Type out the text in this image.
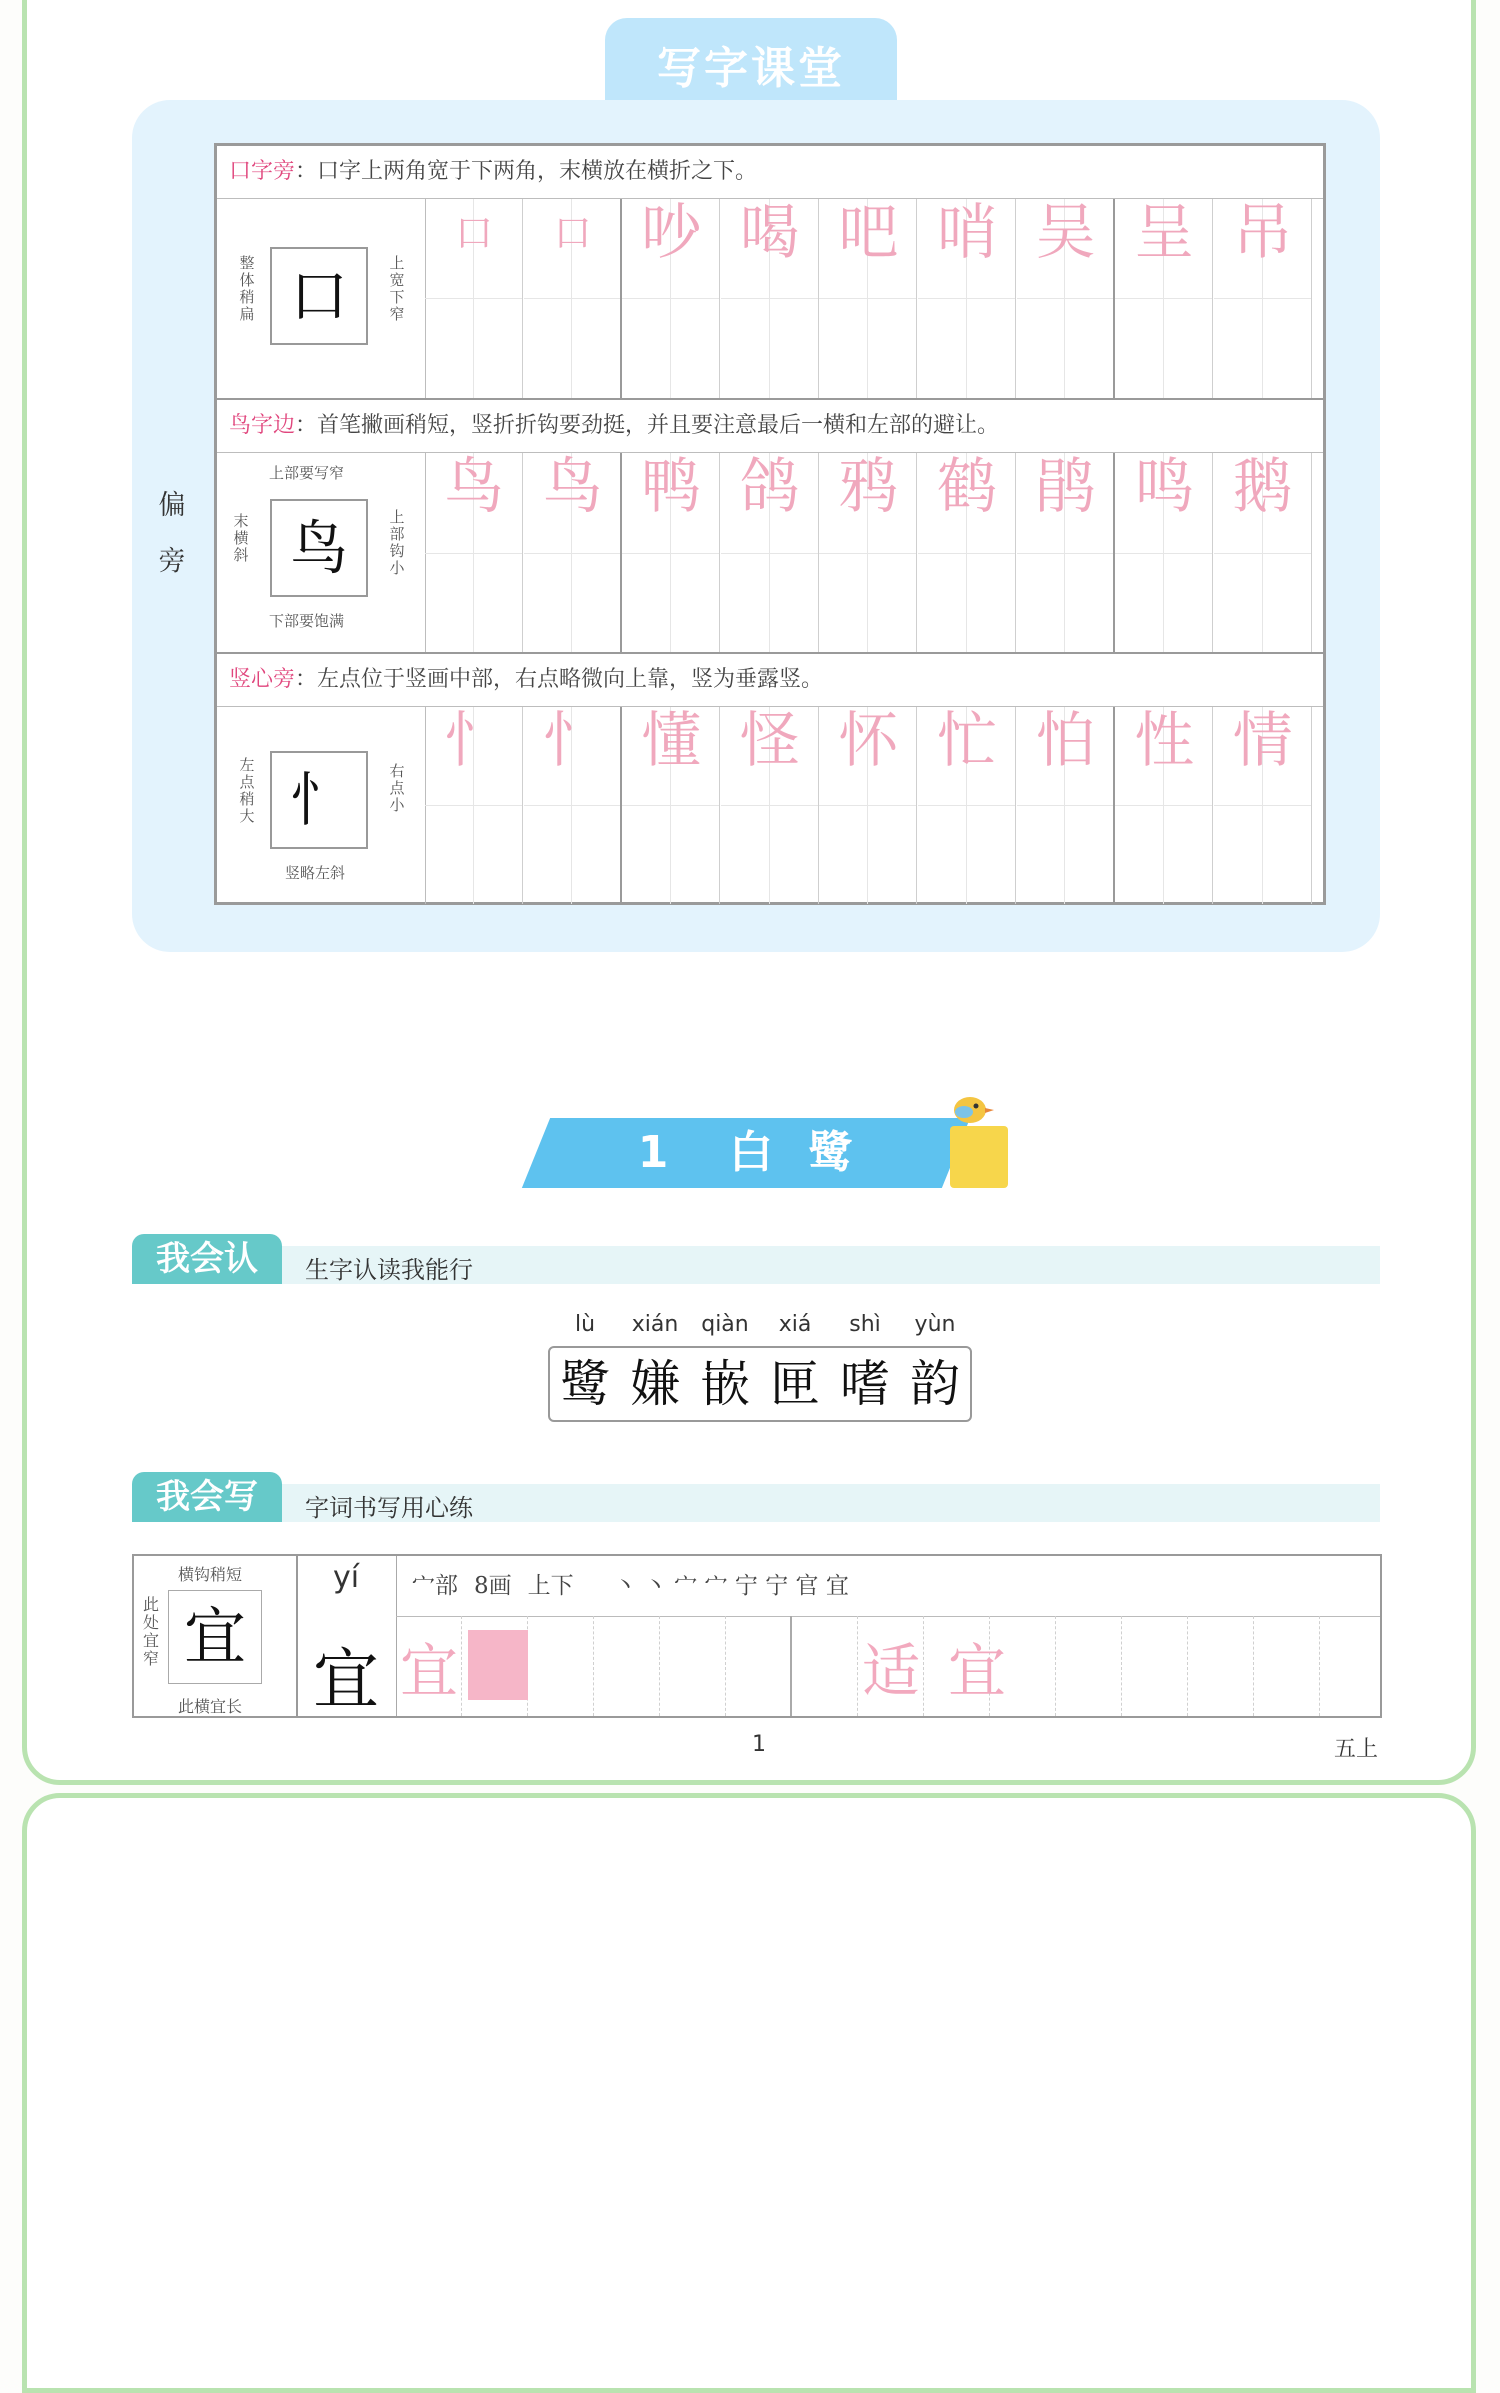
写字课堂
偏旁
口字旁：口字上两角宽于下两角，末横放在横折之下。
整体稍扁 口	上宽下窄
口	口 吵 喝 吧 哨 吴 呈 吊
鸟字边：首笔撇画稍短，竖折折钩要劲挺，并且要注意最后一横和左部的避让。
上部要写窄
末横斜 鸟	上部钩小
下部要饱满
鸟 鸟 鸭 鸽 鸦 鹤 鹃 鸣 鹅
竖心旁：左点位于竖画中部，右点略微向上靠，竖为垂露竖。
左点稍大 忄	右点小
竖略左斜
忄 忄 懂 怪 怀 忙 怕 性 情
1 白 鹭
我会认	生字认读我能行
lù	xián	qiàn	xiá	shì	yùn
鹭 嫌 嵌 匣 嗜 韵
我会写	字词书写用心练
横钩稍短
此处宜窄 宜
此横宜长
yí
宜
宀部 8画 上下 丶 丶 宀 宀 宁 宁 官 宜
宜	适 宜
1	五上
